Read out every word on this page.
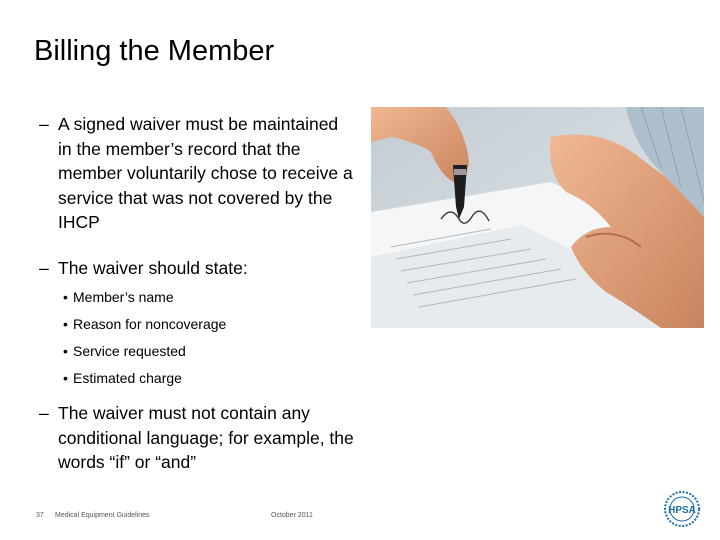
Billing the Member
– A signed waiver must be maintained in the member’s record that the member voluntarily chose to receive a service that was not covered by the IHCP
– The waiver should state:
• Member’s name
• Reason for noncoverage
• Service requested
• Estimated charge
– The waiver must not contain any conditional language; for example, the words “if” or “and”
37 Medical Equipment Guidelines	October 2011	HPSA
